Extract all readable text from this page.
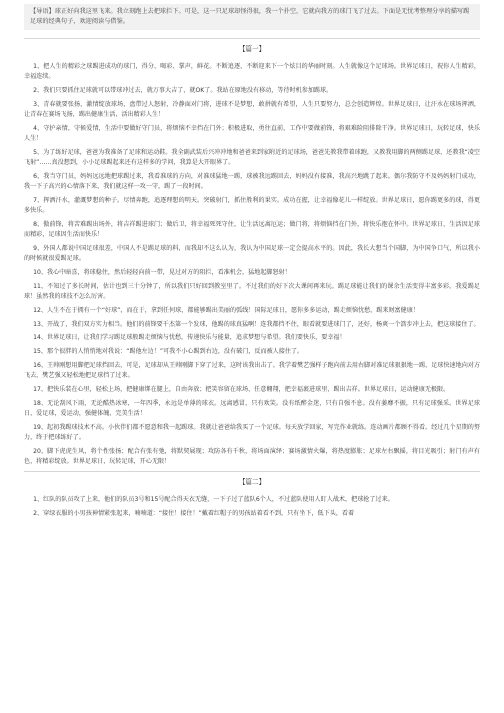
【导语】球正好向我这里飞来。我立刻跑上去把球拦下。可是，这一只足球却怪得很，我一个扑空，它就向我方的球门飞了过去。下面是无忧考整理分享的描写踢足球的经典句子，欢迎阅读与借鉴。
【篇一】

1、把人生的精彩之球踢进成功的球门，得分、喝彩、掌声，鲜花。不断追逐，不断迎来下一个炫目的华丽时刻。人生就像这个足球场。世界足球日，祝你人生精彩，幸福连续。

2、我们只要抓住足球就可以带球冲过去，就万事大吉了，就OK了。我站在原地没有移动，等待时机参加踢球。

3、青春就要张扬，激情绽放球场，盘带过人怒射，冷静面对门将，进球不是梦想，敢拼就有希望，人生只要努力，总会创造辉煌。世界足球日，让汗水在球场挥洒，让青春在赛场飞扬，踢出健康生活，活出精彩人生！

4、守护亲情，守候爱情，生活中要做好守门员，将烦恼不幸挡在门外；积极进取，勇往直前，工作中要做前锋，将艰难险阻排除干净。世界足球日，玩转足球，快乐人生！

5、为了练好足球，爸爸为我准备了足球和运动鞋。我全副武装后兴冲冲地和爸爸来到家附近的足球场，爸爸先教我带着球跑，又教我用脚的两侧踢足球，还教我“凌空飞射”……真没想到，小小足球踢起来还有这样多的学问，我算是大开眼界了。

6、我当守门员，妈妈远远地把球踢过来，我看准球的方向，对准球猛地一踢，球被我远踢回去，妈妈没有接准，我高兴地跳了起来。偶尔我防守不及妈妈射门成功，我一下子高兴的心情落下来，我们就这样一攻一守，踢了一段时间。

7、挥洒汗水，灌溉梦想的种子。尽情奔跑，追逐理想的明天。突破射门，抓住胜利的果实。成功在握，让幸福像花儿一样绽放。世界足球日，愿你踢更多的球，得更多快乐。

8、傲前锋，将苦难踢出场外，将吉祥踢进球门；做后卫，将幸福死死守住，让生活远离厄运；做门将，将烦恼挡在门外，将快乐抱在怀中。世界足球日，生活因足球而精彩，足球因生活而快乐！

9、外国人都说中国足球很差，中国人不是踢足球的料，而我却不这么认为，我认为中国足球一定会提高水平的。因此，我长大想当个国脚，为中国争口气，所以我小的时候就很爱踢足球。

10、我心中暗喜，将球稳住，然后轻轻向前一带，晃过对方的阻拦，看准机会，猛地起脚怒射！

11、不知过了多长时间，估计也到三十分钟了，所以我们只好回到教室里了。不过我们的好下次大课间再来玩。踢足球能让我们的课余生活变得丰富多彩。我爱踢足球！虽然我的球技不怎么厉害。

12、人生不在于拥有一个“好球”，而在于，拿到任何球，都能够踢出美丽的弧线！国际足球日，愿你多多运动，踢走烦恼忧愁，踢来财富健康！

13、开战了，我们双方实力相当。他们的前锋要千杰第一个发球，他踢的球真猛啊！连我都挡不住，眼看就要进球门了，还好，杨爽一个箭步冲上去，把这球接住了。

14、世界足球日，让我们学习踢足球般踢走烦恼与忧愁，传递快乐与能量，追求梦想与希望。我们要快乐，要幸福！

15、那个很胖的人悄悄地对我说：“踢他左边！”可我不小心踢到右边，没有破门，反而被人接住了。

16、王帅刚想用脚把足球挡回去，可是，足球却从王帅刚脚下穿了过来，这时该我出击了。我学着樊艺强样子跑向前去用右脚对准足球狠狠地一踢，足球快速地向对方飞去，樊艺强又轻松地把足球挡了过来。

17、把快乐装在心里，轻松上场，把健康绑在腿上，自由奔放；把笑容留在球场，任意翱翔，把幸福裹进球里，踢出吉祥。世界足球日，运动健康无极限。

18、无论刮风下雨，无论酷热冰寒，一年四季，永远是单薄的球衣。远离感冒，只有欢笑。没有纸醉金迷，只有自强不息。没有萎靡不振，只有足球强采。世界足球日，爱足球，爱运动，强健体魄，完美生活！

19、起初我踢球技术不高。小伙伴们都不愿意和我一起踢球。我就让爸爸给我买了一个足球。每天放学回家，写完作业就练。连动画片都顾不得看。经过几个星期的努力，终于把球练好了。

20、脚下虎虎生风，将个性张扬；配合有张有弛，将默契展现；攻防各有千秋，将场面演绎；赛场激情火爆，将热度膨胀；足球左右飘摇，将目光吸引；射门有声有色，将精彩绽放。世界足球日，玩转足球，开心无限！

【篇二】

1、红队的队员攻了上来，他们的队员3号和15号配合得天衣无缝，一下子过了蓝队6个人，不过蓝队使用人盯人战术，把球抢了过来。

2、穿绿衣服的小男孩神情紧张起来，喃喃道：“接住！接住！”戴着红帽子的男孩站着看不到，只有坐下，低下头，看着
